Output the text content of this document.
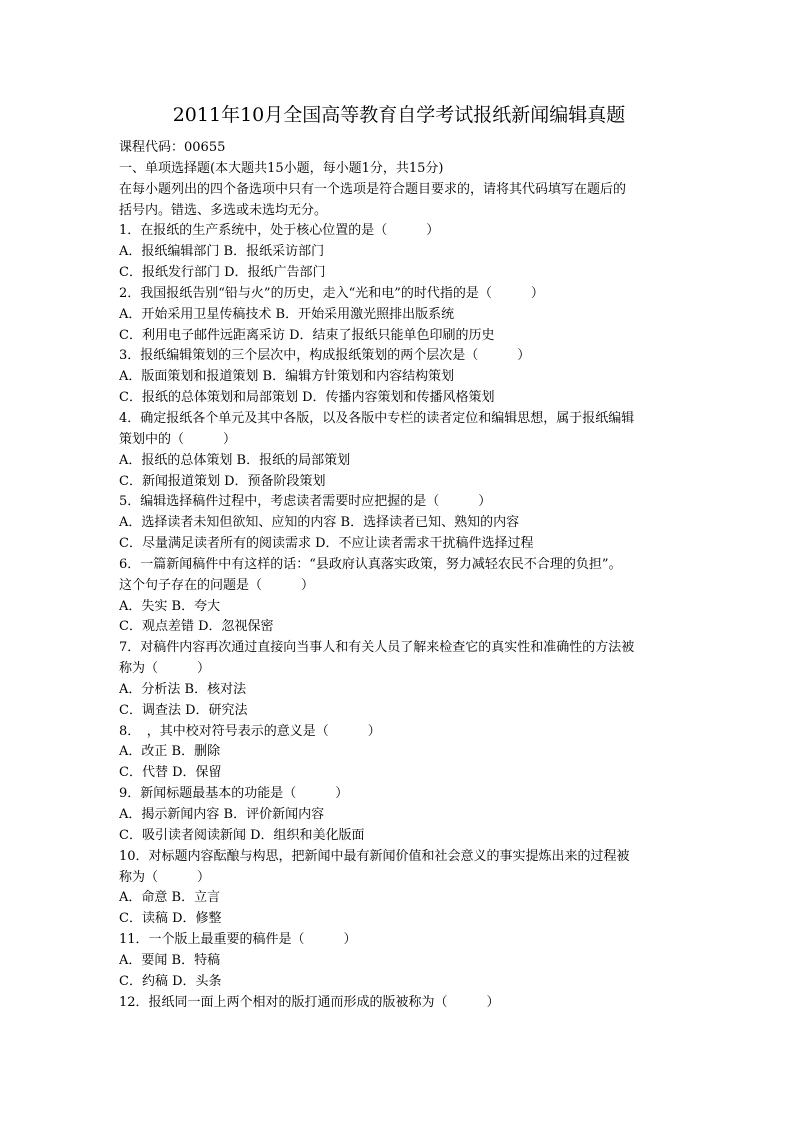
2011年10月全国高等教育自学考试报纸新闻编辑真题
课程代码：00655
一、单项选择题(本大题共15小题，每小题1分，共15分)
在每小题列出的四个备选项中只有一个选项是符合题目要求的，请将其代码填写在题后的
括号内。错选、多选或未选均无分。
1．在报纸的生产系统中，处于核心位置的是（　　　）
A．报纸编辑部门 B．报纸采访部门
C．报纸发行部门 D．报纸广告部门
2．我国报纸告别“铅与火”的历史，走入“光和电”的时代指的是（　　　）
A．开始采用卫星传稿技术 B．开始采用激光照排出版系统
C．利用电子邮件远距离采访 D．结束了报纸只能单色印刷的历史
3．报纸编辑策划的三个层次中，构成报纸策划的两个层次是（　　　）
A．版面策划和报道策划 B．编辑方针策划和内容结构策划
C．报纸的总体策划和局部策划 D．传播内容策划和传播风格策划
4．确定报纸各个单元及其中各版，以及各版中专栏的读者定位和编辑思想，属于报纸编辑
策划中的（　　　）
A．报纸的总体策划 B．报纸的局部策划
C．新闻报道策划 D．预备阶段策划
5．编辑选择稿件过程中，考虑读者需要时应把握的是（　　　）
A．选择读者未知但欲知、应知的内容 B．选择读者已知、熟知的内容
C．尽量满足读者所有的阅读需求 D．不应让读者需求干扰稿件选择过程
6．一篇新闻稿件中有这样的话：“县政府认真落实政策，努力减轻农民不合理的负担”。
这个句子存在的问题是（　　　）
A．失实 B．夸大
C．观点差错 D．忽视保密
7．对稿件内容再次通过直接向当事人和有关人员了解来检查它的真实性和准确性的方法被
称为（　　　）
A．分析法 B．核对法
C．调查法 D．研究法
8．　，其中校对符号表示的意义是（　　　）
A．改正 B．删除
C．代替 D．保留
9．新闻标题最基本的功能是（　　　）
A．揭示新闻内容 B．评价新闻内容
C．吸引读者阅读新闻 D．组织和美化版面
10．对标题内容酝酿与构思，把新闻中最有新闻价值和社会意义的事实提炼出来的过程被
称为（　　　）
A．命意 B．立言
C．读稿 D．修整
11．一个版上最重要的稿件是（　　　）
A．要闻 B．特稿
C．约稿 D．头条
12．报纸同一面上两个相对的版打通而形成的版被称为（　　　）
